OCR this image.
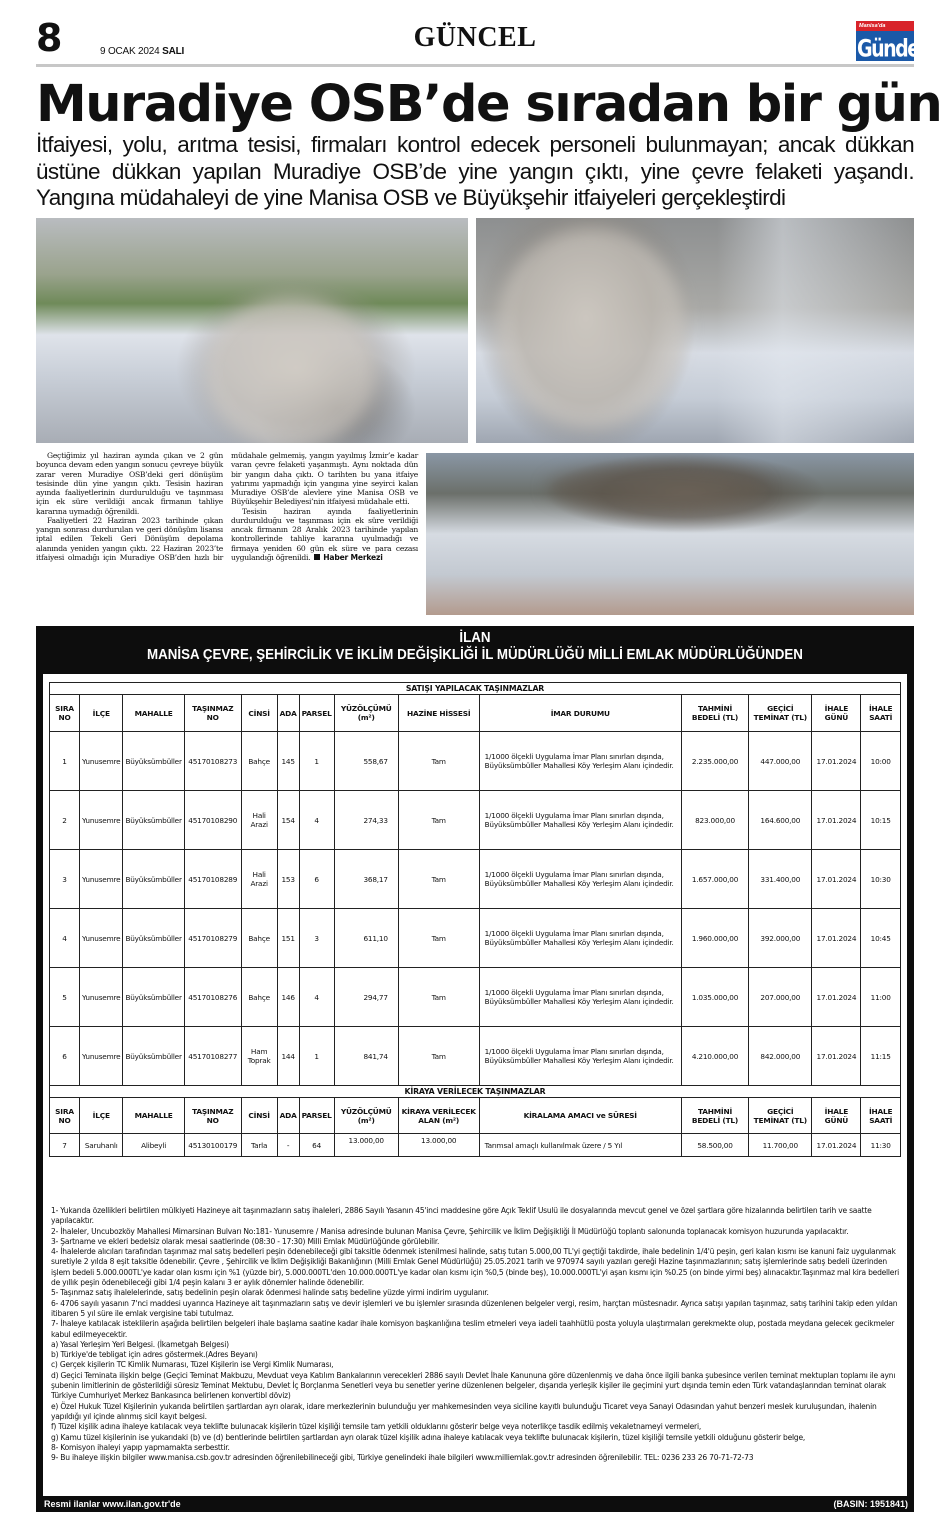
8	9 OCAK 2024 SALI	GÜNCEL	Manisa'da
Gündem
Muradiye OSB’de sıradan bir gün

İtfaiyesi, yolu, arıtma tesisi, firmaları kontrol edecek personeli bulunmayan; ancak dükkan üstüne dükkan yapılan Muradiye OSB’de yine yangın çıktı, yine çevre felaketi yaşandı. Yangına müdahaleyi de yine Manisa OSB ve Büyükşehir itfaiyeleri gerçekleştirdi

Geçtiğimiz yıl haziran ayında çıkan ve 2 gün boyunca devam eden yangın sonucu çevreye büyük zarar veren Muradiye OSB’deki geri dönüşüm tesisinde dün yine yangın çıktı. Tesisin haziran ayında faaliyetlerinin durdurulduğu ve taşınması için ek süre verildiği ancak firmanın tahliye kararına uymadığı öğrenildi.

Faaliyetleri 22 Haziran 2023 tarihinde çıkan yangın sonrası durdurulan ve geri dönüşüm lisansı iptal edilen Tekeli Geri Dönüşüm depolama alanında yeniden yangın çıktı. 22 Haziran 2023’te itfaiyesi olmadığı için Muradiye OSB’den hızlı bir müdahale gelmemiş, yangın yayılmış İzmir’e kadar varan çevre felaketi yaşanmıştı. Aynı noktada dün bir yangın daha çıktı. O tarihten bu yana itfaiye yatırımı yapmadığı için yangına yine seyirci kalan Muradiye OSB’de alevlere yine Manisa OSB ve Büyükşehir Belediyesi’nin itfaiyesi müdahale etti.

Tesisin haziran ayında faaliyetlerinin durdurulduğu ve taşınması için ek süre verildiği ancak firmanın 28 Aralık 2023 tarihinde yapılan kontrollerinde tahliye kararına uyulmadığı ve firmaya yeniden 60 gün ek süre ve para cezası uygulandığı öğrenildi. Haber Merkezi

İLAN
MANİSA ÇEVRE, ŞEHİRCİLİK VE İKLİM DEĞİŞİKLİĞİ İL MÜDÜRLÜĞÜ MİLLİ EMLAK MÜDÜRLÜĞÜNDEN
SATIŞI YAPILACAK TAŞINMAZLAR													
SIRA NO	İLÇE	MAHALLE	TAŞINMAZ NO	CİNSİ	ADA	PARSEL	YÜZÖLÇÜMÜ (m²)	HAZİNE HİSSESİ	İMAR DURUMU	TAHMİNİ BEDELİ (TL)	GEÇİCİ TEMİNAT (TL)	İHALE GÜNÜ	İHALE SAATİ
1	Yunusemre	Büyüksümbüller	45170108273	Bahçe	145	1	558,67	Tam	1/1000 ölçekli Uygulama İmar Planı sınırları dışında, Büyüksümbüller Mahallesi Köy Yerleşim Alanı içindedir.	2.235.000,00	447.000,00	17.01.2024	10:00
2	Yunusemre	Büyüksümbüller	45170108290	Hali Arazi	154	4	274,33	Tam	1/1000 ölçekli Uygulama İmar Planı sınırları dışında, Büyüksümbüller Mahallesi Köy Yerleşim Alanı içindedir.	823.000,00	164.600,00	17.01.2024	10:15
3	Yunusemre	Büyüksümbüller	45170108289	Hali Arazi	153	6	368,17	Tam	1/1000 ölçekli Uygulama İmar Planı sınırları dışında, Büyüksümbüller Mahallesi Köy Yerleşim Alanı içindedir.	1.657.000,00	331.400,00	17.01.2024	10:30
4	Yunusemre	Büyüksümbüller	45170108279	Bahçe	151	3	611,10	Tam	1/1000 ölçekli Uygulama İmar Planı sınırları dışında, Büyüksümbüller Mahallesi Köy Yerleşim Alanı içindedir.	1.960.000,00	392.000,00	17.01.2024	10:45
5	Yunusemre	Büyüksümbüller	45170108276	Bahçe	146	4	294,77	Tam	1/1000 ölçekli Uygulama İmar Planı sınırları dışında, Büyüksümbüller Mahallesi Köy Yerleşim Alanı içindedir.	1.035.000,00	207.000,00	17.01.2024	11:00
6	Yunusemre	Büyüksümbüller	45170108277	Ham Toprak	144	1	841,74	Tam	1/1000 ölçekli Uygulama İmar Planı sınırları dışında, Büyüksümbüller Mahallesi Köy Yerleşim Alanı içindedir.	4.210.000,00	842.000,00	17.01.2024	11:15
KİRAYA VERİLECEK TAŞINMAZLAR													
SIRA NO	İLÇE	MAHALLE	TAŞINMAZ NO	CİNSİ	ADA	PARSEL	YÜZÖLÇÜMÜ (m²)	KİRAYA VERİLECEK ALAN (m²)	KİRALAMA AMACI ve SÜRESİ	TAHMİNİ BEDELİ (TL)	GEÇİCİ TEMİNAT (TL)	İHALE GÜNÜ	İHALE SAATİ
7	Saruhanlı	Alibeyli	45130100179	Tarla	-	64	13.000,00	13.000,00	Tarımsal amaçlı kullanılmak üzere / 5 Yıl	58.500,00	11.700,00	17.01.2024	11:30
1- Yukarıda özellikleri belirtilen mülkiyeti Hazineye ait taşınmazların satış ihaleleri, 2886 Sayılı Yasanın 45'inci maddesine göre Açık Teklif Usulü ile dosyalarında mevcut genel ve özel şartlara göre hizalarında belirtilen tarih ve saatte yapılacaktır.
2- İhaleler, Uncubozköy Mahallesi Mimarsinan Bulvarı No:181- Yunusemre / Manisa adresinde bulunan Manisa Çevre, Şehircilik ve İklim Değişikliği İl Müdürlüğü toplantı salonunda toplanacak komisyon huzurunda yapılacaktır.
3- Şartname ve ekleri bedelsiz olarak mesai saatlerinde (08:30 - 17:30) Milli Emlak Müdürlüğünde görülebilir.
4- İhalelerde alıcıları tarafından taşınmaz mal satış bedelleri peşin ödenebileceği gibi taksitle ödenmek istenilmesi halinde, satış tutarı 5.000,00 TL'yi geçtiği takdirde, ihale bedelinin 1/4'ü peşin, geri kalan kısmı ise kanuni faiz uygulanmak suretiyle 2 yılda 8 eşit taksitle ödenebilir. Çevre , Şehircilik ve İklim Değişikliği Bakanlığının (Milli Emlak Genel Müdürlüğü) 25.05.2021 tarih ve 970974 sayılı yazıları gereği Hazine taşınmazlarının; satış işlemlerinde satış bedeli üzerinden işlem bedeli 5.000.000TL'ye kadar olan kısmı için %1 (yüzde bir), 5.000.000TL'den 10.000.000TL'ye kadar olan kısmı için %0,5 (binde beş), 10.000.000TL'yi aşan kısmı için %0.25 (on binde yirmi beş) alınacaktır.Taşınmaz mal kira bedelleri de yıllık peşin ödenebileceği gibi 1/4 peşin kalanı 3 er aylık dönemler halinde ödenebilir.
5- Taşınmaz satış ihalelelerinde, satış bedelinin peşin olarak ödenmesi halinde satış bedeline yüzde yirmi indirim uygulanır.
6- 4706 sayılı yasanın 7'nci maddesi uyarınca Hazineye ait taşınmazların satış ve devir işlemleri ve bu işlemler sırasında düzenlenen belgeler vergi, resim, harçtan müstesnadır. Ayrıca satışı yapılan taşınmaz, satış tarihini takip eden yıldan itibaren 5 yıl süre ile emlak vergisine tabi tutulmaz.
7- İhaleye katılacak isteklilerin aşağıda belirtilen belgeleri ihale başlama saatine kadar ihale komisyon başkanlığına teslim etmeleri veya iadeli taahhütlü posta yoluyla ulaştırmaları gerekmekte olup, postada meydana gelecek gecikmeler kabul edilmeyecektir.
a) Yasal Yerleşim Yeri Belgesi. (İkametgah Belgesi)
b) Türkiye'de tebligat için adres göstermek.(Adres Beyanı)
c) Gerçek kişilerin TC Kimlik Numarası, Tüzel Kişilerin ise Vergi Kimlik Numarası,
d) Geçici Teminata ilişkin belge (Geçici Teminat Makbuzu, Mevduat veya Katılım Bankalarının verecekleri 2886 sayılı Devlet İhale Kanununa göre düzenlenmiş ve daha önce ilgili banka şubesince verilen teminat mektupları toplamı ile aynı şubenin limitlerinin de gösterildiği süresiz Teminat Mektubu, Devlet İç Borçlanma Senetleri veya bu senetler yerine düzenlenen belgeler, dışarıda yerleşik kişiler ile geçimini yurt dışında temin eden Türk vatandaşlarından teminat olarak Türkiye Cumhuriyet Merkez Bankasınca belirlenen konvertibl döviz)
e) Özel Hukuk Tüzel Kişilerinin yukarıda belirtilen şartlardan ayrı olarak, idare merkezlerinin bulunduğu yer mahkemesinden veya siciline kayıtlı bulunduğu Ticaret veya Sanayi Odasından yahut benzeri meslek kuruluşundan, ihalenin yapıldığı yıl içinde alınmış sicil kayıt belgesi.
f) Tüzel kişilik adına ihaleye katılacak veya teklifte bulunacak kişilerin tüzel kişiliği temsile tam yetkili olduklarını gösterir belge veya noterlikçe tasdik edilmiş vekaletnameyi vermeleri,
g) Kamu tüzel kişilerinin ise yukarıdaki (b) ve (d) bentlerinde belirtilen şartlardan ayrı olarak tüzel kişilik adına ihaleye katılacak veya teklifte bulunacak kişilerin, tüzel kişiliği temsile yetkili olduğunu gösterir belge,
8- Komisyon ihaleyi yapıp yapmamakta serbesttir.
9- Bu ihaleye ilişkin bilgiler www.manisa.csb.gov.tr adresinden öğrenilebilineceği gibi, Türkiye genelindeki ihale bilgileri www.milliemlak.gov.tr adresinden öğrenilebilir. TEL: 0236 233 26 70-71-72-73
Resmi ilanlar www.ilan.gov.tr'de	(BASIN: 1951841)
